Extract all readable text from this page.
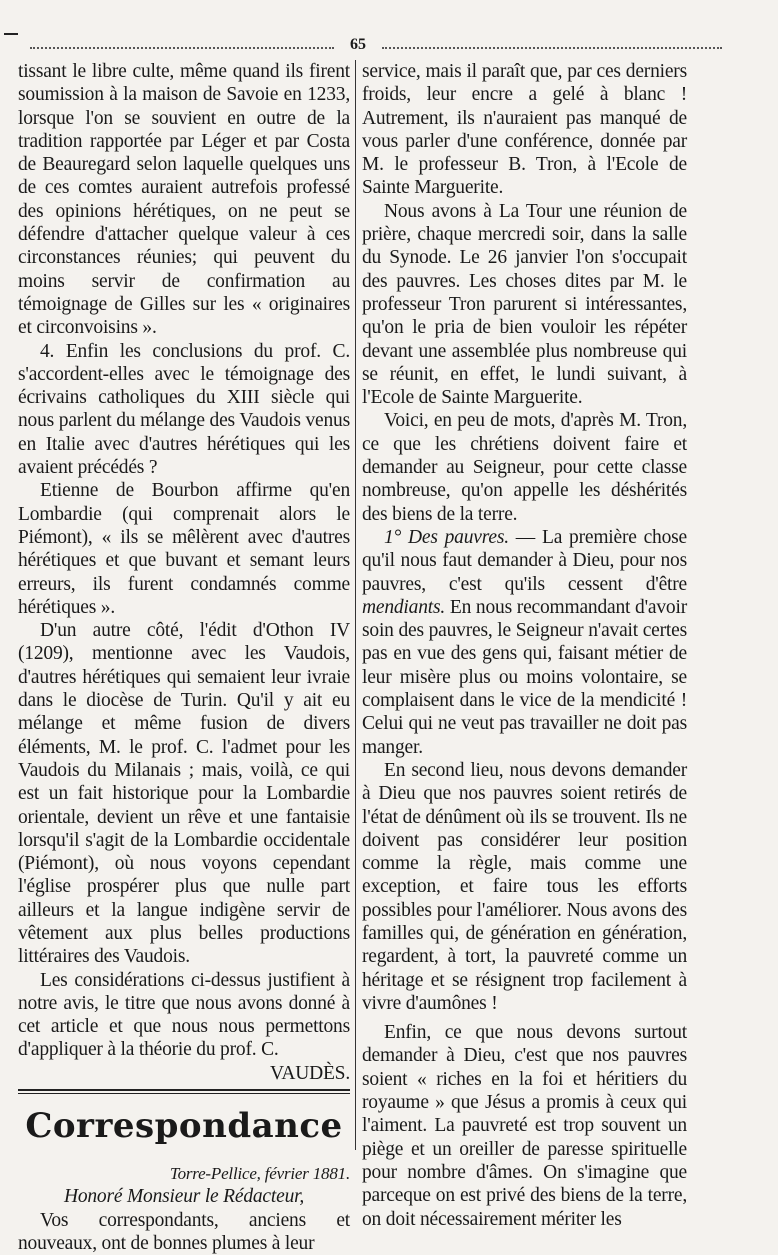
65

tissant le libre culte, même quand ils firent soumission à la maison de Savoie en 1233, lorsque l'on se souvient en outre de la tradition rapportée par Léger et par Costa de Beauregard selon laquelle quelques uns de ces comtes auraient autrefois professé des opinions hérétiques, on ne peut se défendre d'attacher quelque valeur à ces circonstances réunies; qui peuvent du moins servir de confirmation au témoignage de Gilles sur les « originaires et circonvoisins ».

4. Enfin les conclusions du prof. C. s'accordent-elles avec le témoignage des écrivains catholiques du XIII siècle qui nous parlent du mélange des Vaudois venus en Italie avec d'autres hérétiques qui les avaient précédés ?

Etienne de Bourbon affirme qu'en Lombardie (qui comprenait alors le Piémont), « ils se mêlèrent avec d'autres hérétiques et que buvant et semant leurs erreurs, ils furent condamnés comme hérétiques ».

D'un autre côté, l'édit d'Othon IV (1209), mentionne avec les Vaudois, d'autres hérétiques qui semaient leur ivraie dans le diocèse de Turin. Qu'il y ait eu mélange et même fusion de divers éléments, M. le prof. C. l'admet pour les Vaudois du Milanais ; mais, voilà, ce qui est un fait historique pour la Lombardie orientale, devient un rêve et une fantaisie lorsqu'il s'agit de la Lombardie occidentale (Piémont), où nous voyons cependant l'église prospérer plus que nulle part ailleurs et la langue indigène servir de vêtement aux plus belles productions littéraires des Vaudois.

Les considérations ci-dessus justifient à notre avis, le titre que nous avons donné à cet article et que nous nous permettons d'appliquer à la théorie du prof. C.
VAUDÈS.

Correspondance

Torre-Pellice, février 1881.

Honoré Monsieur le Rédacteur,

Vos correspondants, anciens et nouveaux, ont de bonnes plumes à leur

service, mais il paraît que, par ces derniers froids, leur encre a gelé à blanc ! Autrement, ils n'auraient pas manqué de vous parler d'une conférence, donnée par M. le professeur B. Tron, à l'Ecole de Sainte Marguerite.

Nous avons à La Tour une réunion de prière, chaque mercredi soir, dans la salle du Synode. Le 26 janvier l'on s'occupait des pauvres. Les choses dites par M. le professeur Tron parurent si intéressantes, qu'on le pria de bien vouloir les répéter devant une assemblée plus nombreuse qui se réunit, en effet, le lundi suivant, à l'Ecole de Sainte Marguerite.

Voici, en peu de mots, d'après M. Tron, ce que les chrétiens doivent faire et demander au Seigneur, pour cette classe nombreuse, qu'on appelle les déshérités des biens de la terre.

1° Des pauvres. — La première chose qu'il nous faut demander à Dieu, pour nos pauvres, c'est qu'ils cessent d'être mendiants. En nous recommandant d'avoir soin des pauvres, le Seigneur n'avait certes pas en vue des gens qui, faisant métier de leur misère plus ou moins volontaire, se complaisent dans le vice de la mendicité ! Celui qui ne veut pas travailler ne doit pas manger.

En second lieu, nous devons demander à Dieu que nos pauvres soient retirés de l'état de dénûment où ils se trouvent. Ils ne doivent pas considérer leur position comme la règle, mais comme une exception, et faire tous les efforts possibles pour l'améliorer. Nous avons des familles qui, de génération en génération, regardent, à tort, la pauvreté comme un héritage et se résignent trop facilement à vivre d'aumônes !

Enfin, ce que nous devons surtout demander à Dieu, c'est que nos pauvres soient « riches en la foi et héritiers du royaume » que Jésus a promis à ceux qui l'aiment. La pauvreté est trop souvent un piège et un oreiller de paresse spirituelle pour nombre d'âmes. On s'imagine que parceque on est privé des biens de la terre, on doit nécessairement mériter les
